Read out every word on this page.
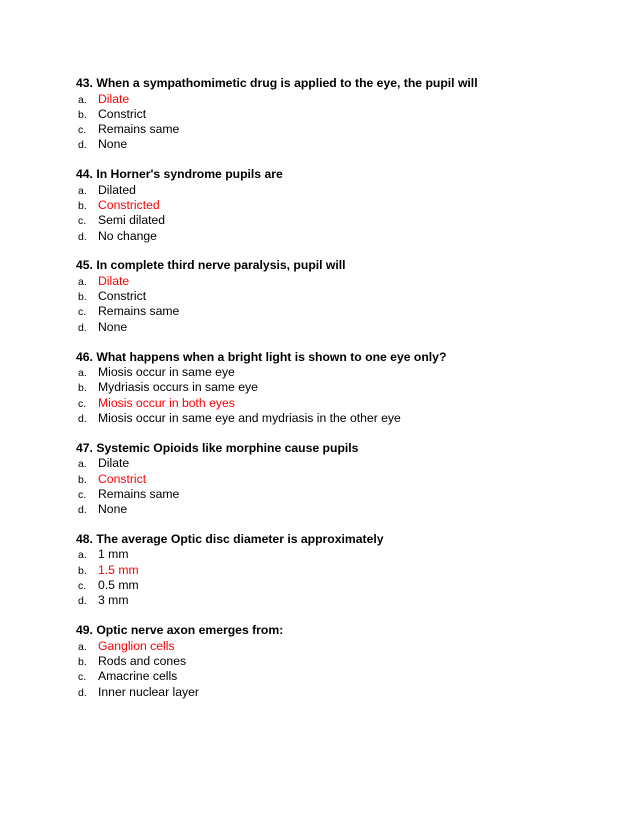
43. When a sympathomimetic drug is applied to the eye, the pupil will
a. Dilate
b. Constrict
c. Remains same
d. None
44. In Horner's syndrome pupils are
a. Dilated
b. Constricted
c. Semi dilated
d. No change
45. In complete third nerve paralysis, pupil will
a. Dilate
b. Constrict
c. Remains same
d. None
46. What happens when a bright light is shown to one eye only?
a. Miosis occur in same eye
b. Mydriasis occurs in same eye
c. Miosis occur in both eyes
d. Miosis occur in same eye and mydriasis in the other eye
47. Systemic Opioids like morphine cause pupils
a. Dilate
b. Constrict
c. Remains same
d. None
48. The average Optic disc diameter is approximately
a. 1 mm
b. 1.5 mm
c. 0.5 mm
d. 3 mm
49. Optic nerve axon emerges from:
a. Ganglion cells
b. Rods and cones
c. Amacrine cells
d. Inner nuclear layer
